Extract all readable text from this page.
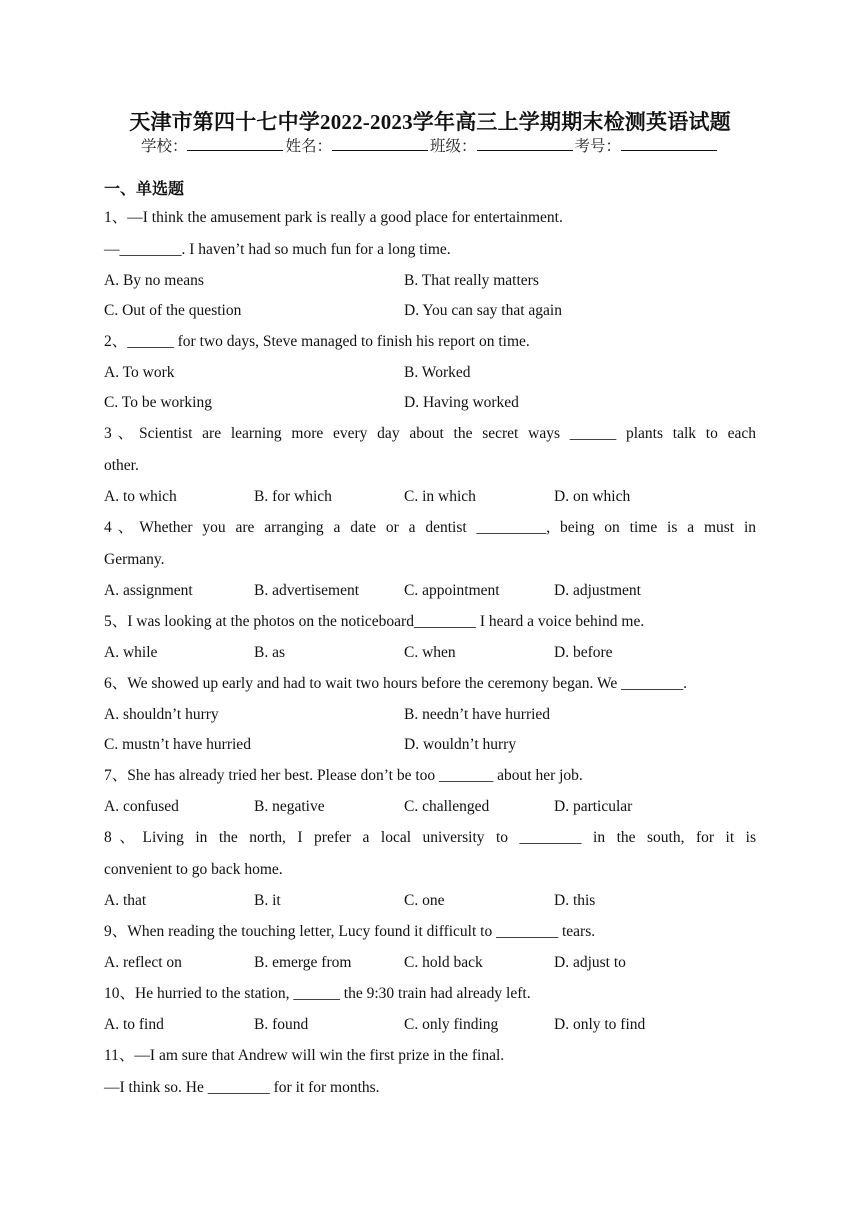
天津市第四十七中学2022-2023学年高三上学期期末检测英语试题
学校：	姓名：	班级：	考号：
一、单选题
1、—I think the amusement park is really a good place for entertainment.
—________. I haven’t had so much fun for a long time.
A. By no means	B. That really matters
C. Out of the question	D. You can say that again
2、______ for two days, Steve managed to finish his report on time.
A. To work	B. Worked
C. To be working	D. Having worked
3、Scientist are learning more every day about the secret ways ______ plants talk to each
other.
A. to which	B. for which	C. in which	D. on which
4、Whether you are arranging a date or a dentist _________, being on time is a must in
Germany.
A. assignment	B. advertisement	C. appointment	D. adjustment
5、I was looking at the photos on the noticeboard________ I heard a voice behind me.
A. while	B. as	C. when	D. before
6、We showed up early and had to wait two hours before the ceremony began. We ________.
A. shouldn’t hurry	B. needn’t have hurried
C. mustn’t have hurried	D. wouldn’t hurry
7、She has already tried her best. Please don’t be too _______ about her job.
A. confused	B. negative	C. challenged	D. particular
8、Living in the north, I prefer a local university to ________ in the south, for it is
convenient to go back home.
A. that	B. it	C. one	D. this
9、When reading the touching letter, Lucy found it difficult to ________ tears.
A. reflect on	B. emerge from	C. hold back	D. adjust to
10、He hurried to the station, ______ the 9:30 train had already left.
A. to find	B. found	C. only finding	D. only to find
11、—I am sure that Andrew will win the first prize in the final.
—I think so. He ________ for it for months.
